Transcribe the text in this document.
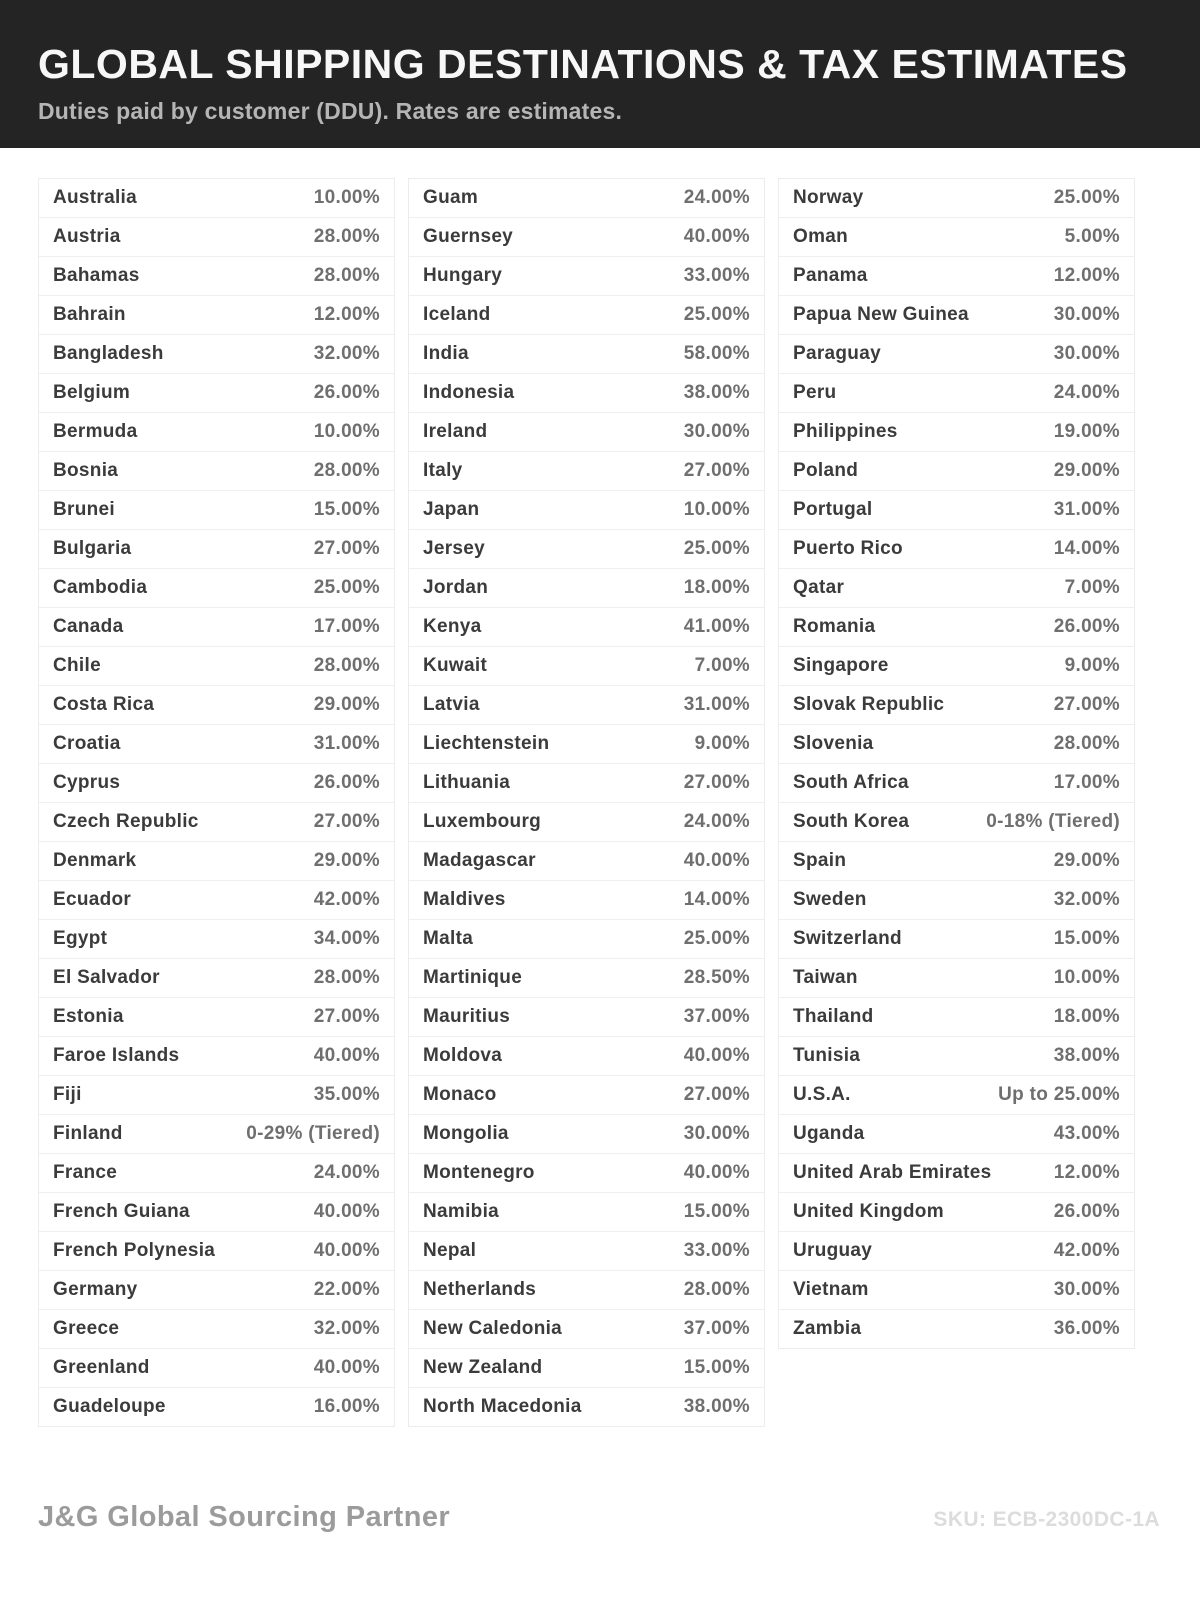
GLOBAL SHIPPING DESTINATIONS & TAX ESTIMATES
Duties paid by customer (DDU). Rates are estimates.
Australia	10.00%
Austria	28.00%
Bahamas	28.00%
Bahrain	12.00%
Bangladesh	32.00%
Belgium	26.00%
Bermuda	10.00%
Bosnia	28.00%
Brunei	15.00%
Bulgaria	27.00%
Cambodia	25.00%
Canada	17.00%
Chile	28.00%
Costa Rica	29.00%
Croatia	31.00%
Cyprus	26.00%
Czech Republic	27.00%
Denmark	29.00%
Ecuador	42.00%
Egypt	34.00%
El Salvador	28.00%
Estonia	27.00%
Faroe Islands	40.00%
Fiji	35.00%
Finland	0-29% (Tiered)
France	24.00%
French Guiana	40.00%
French Polynesia	40.00%
Germany	22.00%
Greece	32.00%
Greenland	40.00%
Guadeloupe	16.00%
Guam	24.00%
Guernsey	40.00%
Hungary	33.00%
Iceland	25.00%
India	58.00%
Indonesia	38.00%
Ireland	30.00%
Italy	27.00%
Japan	10.00%
Jersey	25.00%
Jordan	18.00%
Kenya	41.00%
Kuwait	7.00%
Latvia	31.00%
Liechtenstein	9.00%
Lithuania	27.00%
Luxembourg	24.00%
Madagascar	40.00%
Maldives	14.00%
Malta	25.00%
Martinique	28.50%
Mauritius	37.00%
Moldova	40.00%
Monaco	27.00%
Mongolia	30.00%
Montenegro	40.00%
Namibia	15.00%
Nepal	33.00%
Netherlands	28.00%
New Caledonia	37.00%
New Zealand	15.00%
North Macedonia	38.00%
Norway	25.00%
Oman	5.00%
Panama	12.00%
Papua New Guinea	30.00%
Paraguay	30.00%
Peru	24.00%
Philippines	19.00%
Poland	29.00%
Portugal	31.00%
Puerto Rico	14.00%
Qatar	7.00%
Romania	26.00%
Singapore	9.00%
Slovak Republic	27.00%
Slovenia	28.00%
South Africa	17.00%
South Korea	0-18% (Tiered)
Spain	29.00%
Sweden	32.00%
Switzerland	15.00%
Taiwan	10.00%
Thailand	18.00%
Tunisia	38.00%
U.S.A.	Up to 25.00%
Uganda	43.00%
United Arab Emirates	12.00%
United Kingdom	26.00%
Uruguay	42.00%
Vietnam	30.00%
Zambia	36.00%
J&G Global Sourcing Partner	SKU: ECB-2300DC-1A
